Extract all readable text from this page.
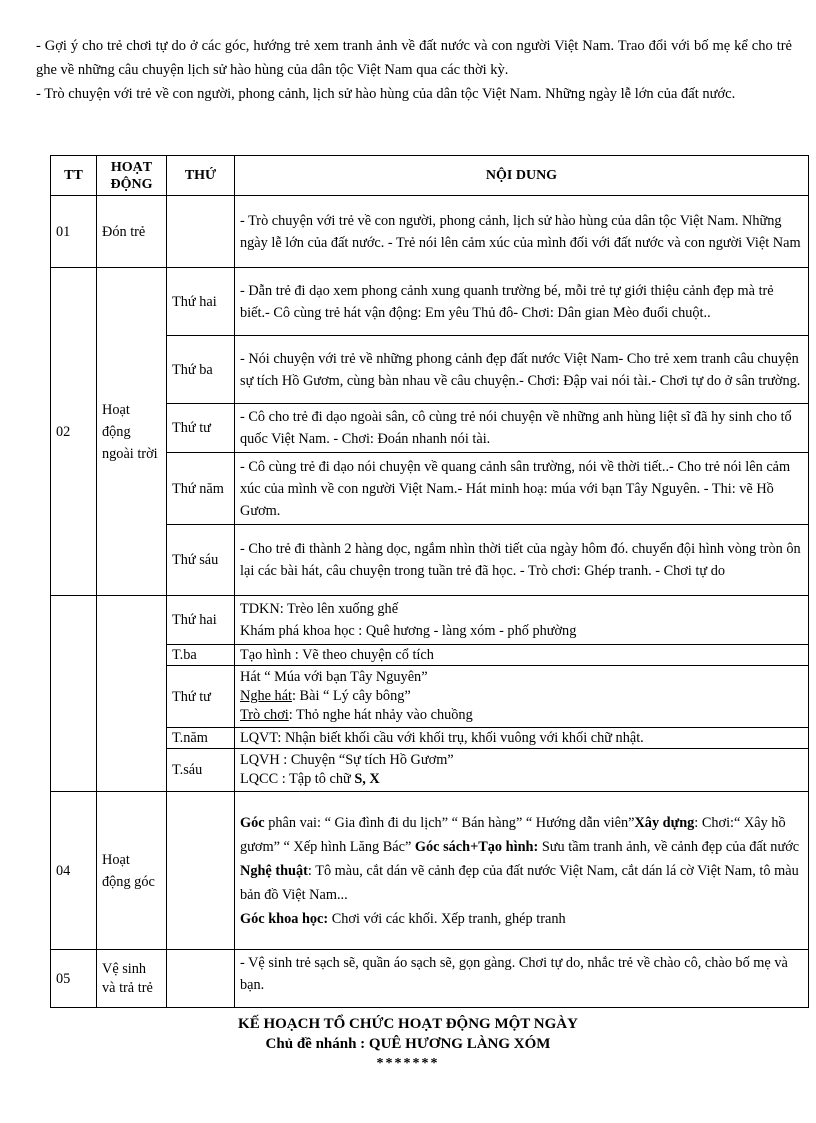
- Gợi ý cho trẻ chơi tự do ở các góc, hướng trẻ xem tranh ảnh về đất nước và con người Việt Nam. Trao đổi với bố mẹ kể cho trẻ ghe về những câu chuyện lịch sử hào hùng của dân tộc Việt Nam qua các thời kỳ.

- Trò chuyện với trẻ về con người, phong cảnh, lịch sử hào hùng của dân tộc Việt Nam. Những ngày lễ lớn của đất nước.

TT	HOẠT ĐỘNG	THỨ	NỘI DUNG
01	Đón trẻ		- Trò chuyện với trẻ về con người, phong cảnh, lịch sử hào hùng của dân tộc Việt Nam. Những ngày lễ lớn của đất nước. - Trẻ nói lên cảm xúc của mình đối với đất nước và con người Việt Nam
02	Hoạt động ngoài trời	Thứ hai	- Dẫn trẻ đi dạo xem phong cảnh xung quanh trường bé, mỗi trẻ tự giới thiệu cảnh đẹp mà trẻ biết.- Cô cùng trẻ hát vận động: Em yêu Thủ đô- Chơi: Dân gian Mèo đuổi chuột..
		Thứ ba	- Nói chuyện với trẻ về những phong cảnh đẹp đất nước Việt Nam- Cho trẻ xem tranh câu chuyện sự tích Hồ Gươm, cùng bàn nhau về câu chuyện.- Chơi: Đập vai nói tài.- Chơi tự do ở sân trường.
		Thứ tư	- Cô cho trẻ đi dạo ngoài sân, cô cùng trẻ nói chuyện về những anh hùng liệt sĩ đã hy sinh cho tổ quốc Việt Nam. - Chơi: Đoán nhanh nói tài.
		Thứ năm	- Cô cùng trẻ đi dạo nói chuyện về quang cảnh sân trường, nói về thời tiết..- Cho trẻ nói lên cảm xúc của mình về con người Việt Nam.- Hát minh hoạ: múa với bạn Tây Nguyên. - Thi: vẽ Hồ Gươm.
		Thứ sáu	- Cho trẻ đi thành 2 hàng dọc, ngắm nhìn thời tiết của ngày hôm đó. chuyển đội hình vòng tròn ôn lại các bài hát, câu chuyện trong tuần trẻ đã học. - Trò chơi: Ghép tranh. - Chơi tự do
		Thứ hai	TDKN: Trèo lên xuống ghế
Khám phá khoa học : Quê hương - làng xóm - phố phường

		T.ba	Tạo hình : Vẽ theo chuyện cổ tích
		Thứ tư	Hát “ Múa với bạn Tây Nguyên”
Nghe hát: Bài “ Lý cây bông”
Trò chơi: Thỏ nghe hát nhảy vào chuồng

		T.năm	LQVT: Nhận biết khối cầu với khối trụ, khối vuông với khối chữ nhật.
		T.sáu	LQVH : Chuyện “Sự tích Hồ Gươm”
LQCC : Tập tô chữ S, X

04	Hoạt động góc		Góc phân vai: “ Gia đình đi du lịch” “ Bán hàng” “ Hướng dẫn viên”Xây dựng: Chơi:“ Xây hồ gươm” “ Xếp hình Lăng Bác” Góc sách+Tạo hình: Sưu tầm tranh ảnh, về cảnh đẹp của đất nước
Nghệ thuật: Tô màu, cắt dán vẽ cảnh đẹp của đất nước Việt Nam, cắt dán lá cờ Việt Nam, tô màu bản đồ Việt Nam...
Góc khoa học: Chơi với các khối. Xếp tranh, ghép tranh

05	Vệ sinh và trả trẻ		- Vệ sinh trẻ sạch sẽ, quần áo sạch sẽ, gọn gàng. Chơi tự do, nhắc trẻ về chào cô, chào bố mẹ và bạn.
KẾ HOẠCH TỔ CHỨC HOẠT ĐỘNG MỘT NGÀY
Chủ đề nhánh : QUÊ HƯƠNG LÀNG XÓM
*******
